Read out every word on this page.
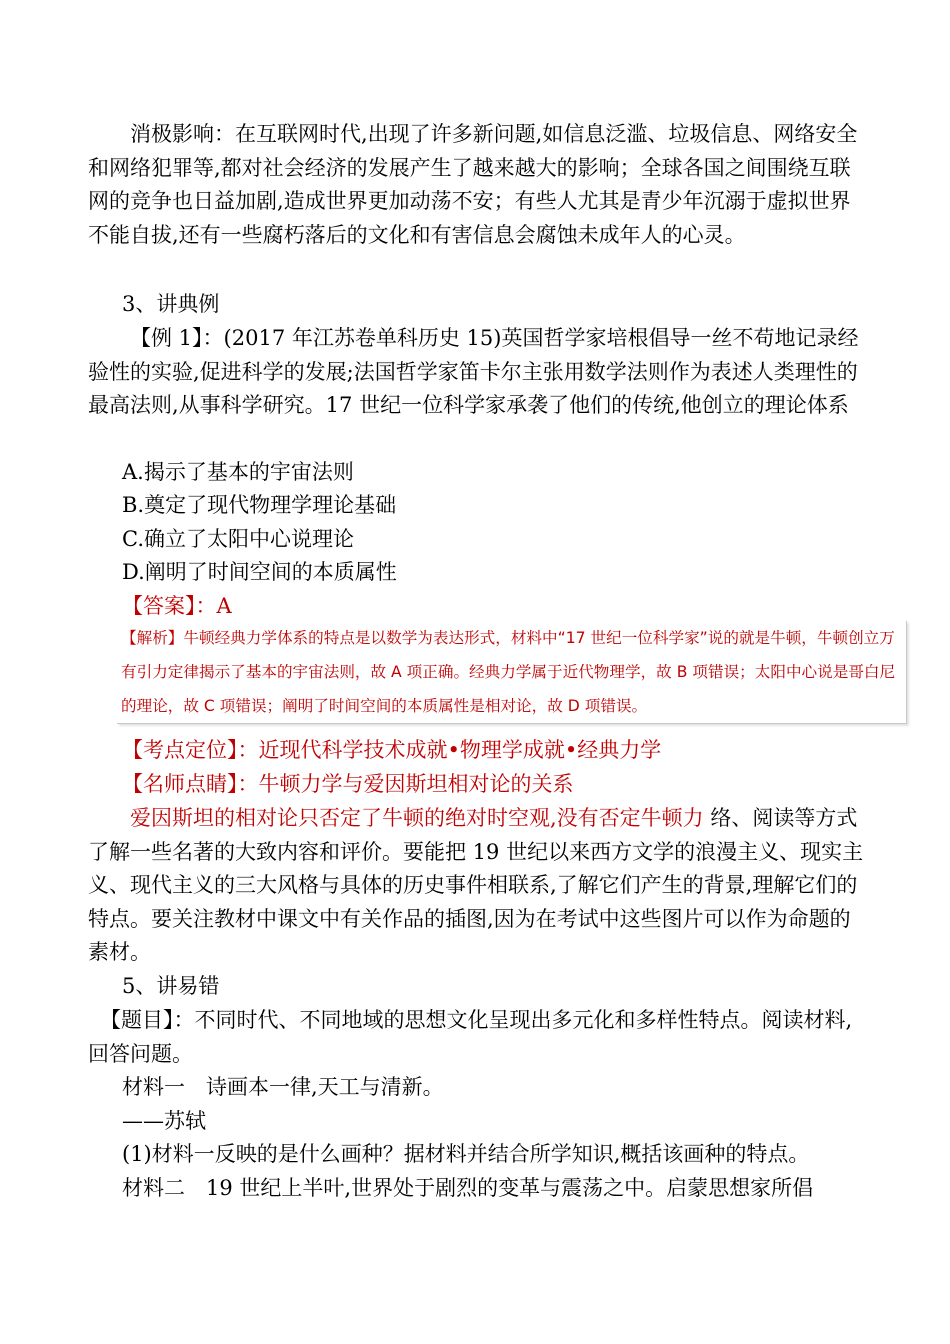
消极影响：在互联网时代,出现了许多新问题,如信息泛滥、垃圾信息、网络安全和网络犯罪等,都对社会经济的发展产生了越来越大的影响；全球各国之间围绕互联网的竞争也日益加剧,造成世界更加动荡不安；有些人尤其是青少年沉溺于虚拟世界不能自拔,还有一些腐朽落后的文化和有害信息会腐蚀未成年人的心灵。

3、讲典例

【例 1】：(2017 年江苏卷单科历史 15)英国哲学家培根倡导一丝不苟地记录经验性的实验,促进科学的发展;法国哲学家笛卡尔主张用数学法则作为表述人类理性的最高法则,从事科学研究。17 世纪一位科学家承袭了他们的传统,他创立的理论体系

A.揭示了基本的宇宙法则

B.奠定了现代物理学理论基础

C.确立了太阳中心说理论

D.阐明了时间空间的本质属性

【答案】：A

【解析】牛顿经典力学体系的特点是以数学为表达形式，材料中“17 世纪一位科学家”说的就是牛顿，牛顿创立万有引力定律揭示了基本的宇宙法则，故 A 项正确。经典力学属于近代物理学，故 B 项错误；太阳中心说是哥白尼的理论，故 C 项错误；阐明了时间空间的本质属性是相对论，故 D 项错误。

【考点定位】：近现代科学技术成就•物理学成就•经典力学

【名师点睛】：牛顿力学与爱因斯坦相对论的关系

爱因斯坦的相对论只否定了牛顿的绝对时空观,没有否定牛顿力 络、阅读等方式了解一些名著的大致内容和评价。要能把 19 世纪以来西方文学的浪漫主义、现实主义、现代主义的三大风格与具体的历史事件相联系,了解它们产生的背景,理解它们的特点。要关注教材中课文中有关作品的插图,因为在考试中这些图片可以作为命题的素材。

5、讲易错

【题目】：不同时代、不同地域的思想文化呈现出多元化和多样性特点。阅读材料,回答问题。

材料一　诗画本一律,天工与清新。

——苏轼

(1)材料一反映的是什么画种？据材料并结合所学知识,概括该画种的特点。

材料二　19 世纪上半叶,世界处于剧烈的变革与震荡之中。启蒙思想家所倡
